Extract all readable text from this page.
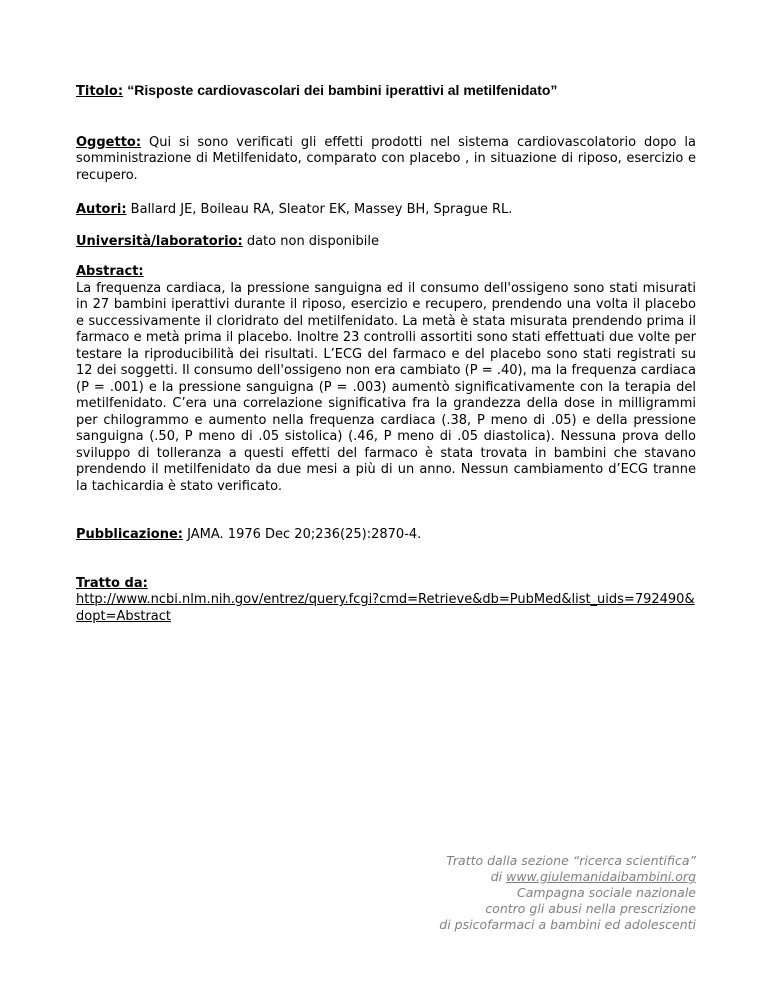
Titolo: “Risposte cardiovascolari dei bambini iperattivi al metilfenidato”

Oggetto: Qui si sono verificati gli effetti prodotti nel sistema cardiovascolatorio dopo la somministrazione di Metilfenidato, comparato con placebo , in situazione di riposo, esercizio e recupero.

Autori: Ballard JE, Boileau RA, Sleator EK, Massey BH, Sprague RL.

Università/laboratorio: dato non disponibile

Abstract:
La frequenza cardiaca, la pressione sanguigna ed il consumo dell'ossigeno sono stati misurati in 27 bambini iperattivi durante il riposo, esercizio e recupero, prendendo una volta il placebo e successivamente il cloridrato del metilfenidato. La metà è stata misurata prendendo prima il farmaco e metà prima il placebo. Inoltre 23 controlli assortiti sono stati effettuati due volte per testare la riproducibilità dei risultati. L’ECG del farmaco e del placebo sono stati registrati su 12 dei soggetti. Il consumo dell'ossigeno non era cambiato (P = .40), ma la frequenza cardiaca (P = .001) e la pressione sanguigna (P = .003) aumentò significativamente con la terapia del metilfenidato. C’era una correlazione significativa fra la grandezza della dose in milligrammi per chilogrammo e aumento nella frequenza cardiaca (.38, P meno di .05) e della pressione sanguigna (.50, P meno di .05 sistolica) (.46, P meno di .05 diastolica). Nessuna prova dello sviluppo di tolleranza a questi effetti del farmaco è stata trovata in bambini che stavano prendendo il metilfenidato da due mesi a più di un anno. Nessun cambiamento d’ECG tranne la tachicardia è stato verificato.

Pubblicazione: JAMA. 1976 Dec 20;236(25):2870-4.

Tratto da:
http://www.ncbi.nlm.nih.gov/entrez/query.fcgi?cmd=Retrieve&db=PubMed&list_uids=792490&dopt=Abstract
Tratto dalla sezione “ricerca scientifica”
di www.giulemanidaibambini.org
Campagna sociale nazionale
contro gli abusi nella prescrizione
di psicofarmaci a bambini ed adolescenti
